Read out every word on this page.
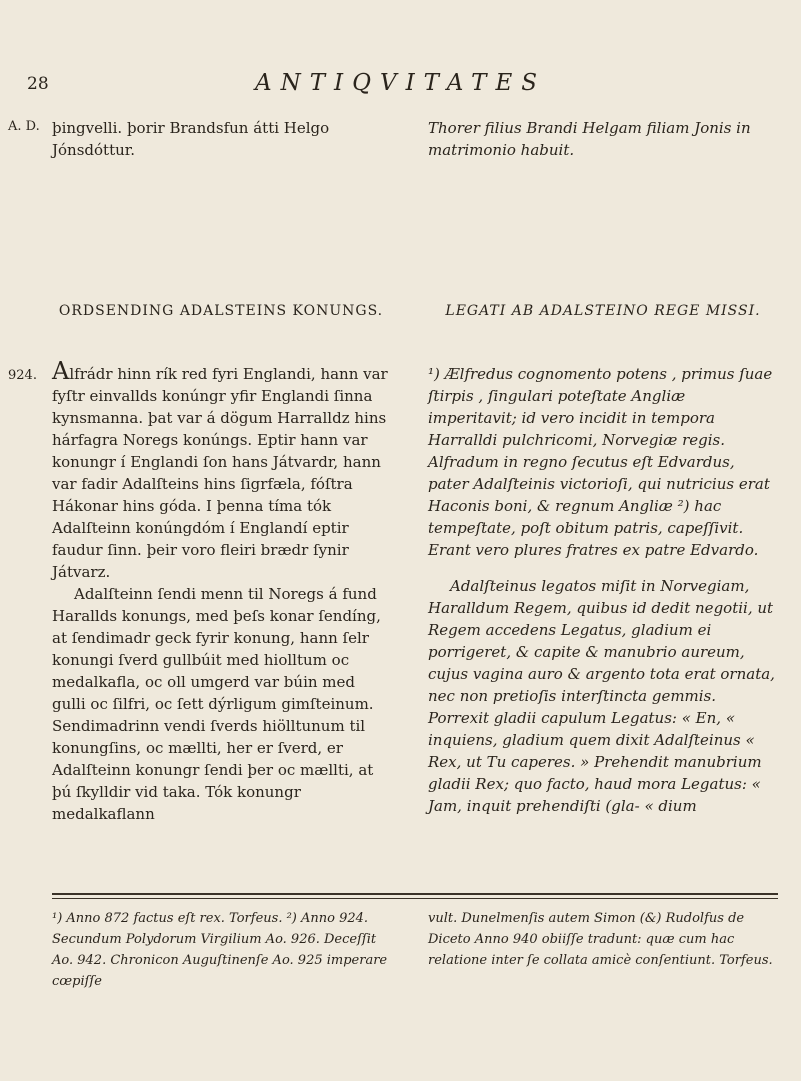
28	ANTIQVITATES
A. D.
924.
þingvelli. þorir Brandsfun átti Helgo Jónsdóttur.
Thorer filius Brandi Helgam filiam Jonis in matrimonio habuit.
ORDSENDING ADALSTEINS KONUNGS.	LEGATI AB ADALSTEINO REGE MISSI.

Alfrádr hinn rík red fyri Englandi, hann var fyſtr einvallds konúngr yfir Englandi ſinna kynsmanna. þat var á dögum Harralldz hins hárfagra Noregs konúngs. Eptir hann var konungr í Englandi ſon hans Játvardr, hann var fadir Adalſteins hins ſigrfæla, fóſtra Hákonar hins góda. I þenna tíma tók Adalſteinn konúngdóm í Englandí eptir faudur ſinn. þeir voro fleiri brædr ſynir Játvarz.

Adalſteinn ſendi menn til Noregs á fund Harallds konungs, med þeſs konar ſendíng, at ſendimadr geck fyrir konung, hann ſelr konungi ſverd gullbúit med hiolltum oc medalkafla, oc oll umgerd var búin med gulli oc ſilfri, oc ſett dýrligum gimſteinum. Sendimadrinn vendi ſverds hiölltunum til konungſins, oc mællti, her er ſverd, er Adalſteinn konungr ſendi þer oc mællti, at þú ſkylldir vid taka. Tók konungr medalkaflann

¹) Ælfredus cognomento potens , primus ſuae ſtirpis , ſingulari poteſtate Angliæ imperitavit; id vero incidit in tempora Harralldi pulchricomi, Norvegiæ regis. Alfradum in regno ſecutus eſt Edvardus, pater Adalſteinis victorioſi, qui nutricius erat Haconis boni, & regnum Angliæ ²) hac tempeſtate, poſt obitum patris, capeſſivit. Erant vero plures fratres ex patre Edvardo.

Adalſteinus legatos miſit in Norvegiam, Haralldum Regem, quibus id dedit negotii, ut Regem accedens Legatus, gladium ei porrigeret, & capite & manubrio aureum, cujus vagina auro & argento tota erat ornata, nec non pretioſis interſtincta gemmis. Porrexit gladii capulum Legatus: « En, « inquiens, gladium quem dixit Adalſteinus « Rex, ut Tu caperes. » Prehendit manubrium gladii Rex; quo facto, haud mora Legatus: « Jam, inquit prehendiſti (gla- « dium

¹) Anno 872 factus eſt rex. Torfeus. ²) Anno 924. Secundum Polydorum Virgilium Ao. 926. Deceſſit Ao. 942. Chronicon Auguſtinenſe Ao. 925 imperare cœpiſſe
vult. Dunelmenſis autem Simon (&) Rudolfus de Diceto Anno 940 obiiſſe tradunt: quæ cum hac relatione inter ſe collata amicè conſentiunt. Torfeus.
